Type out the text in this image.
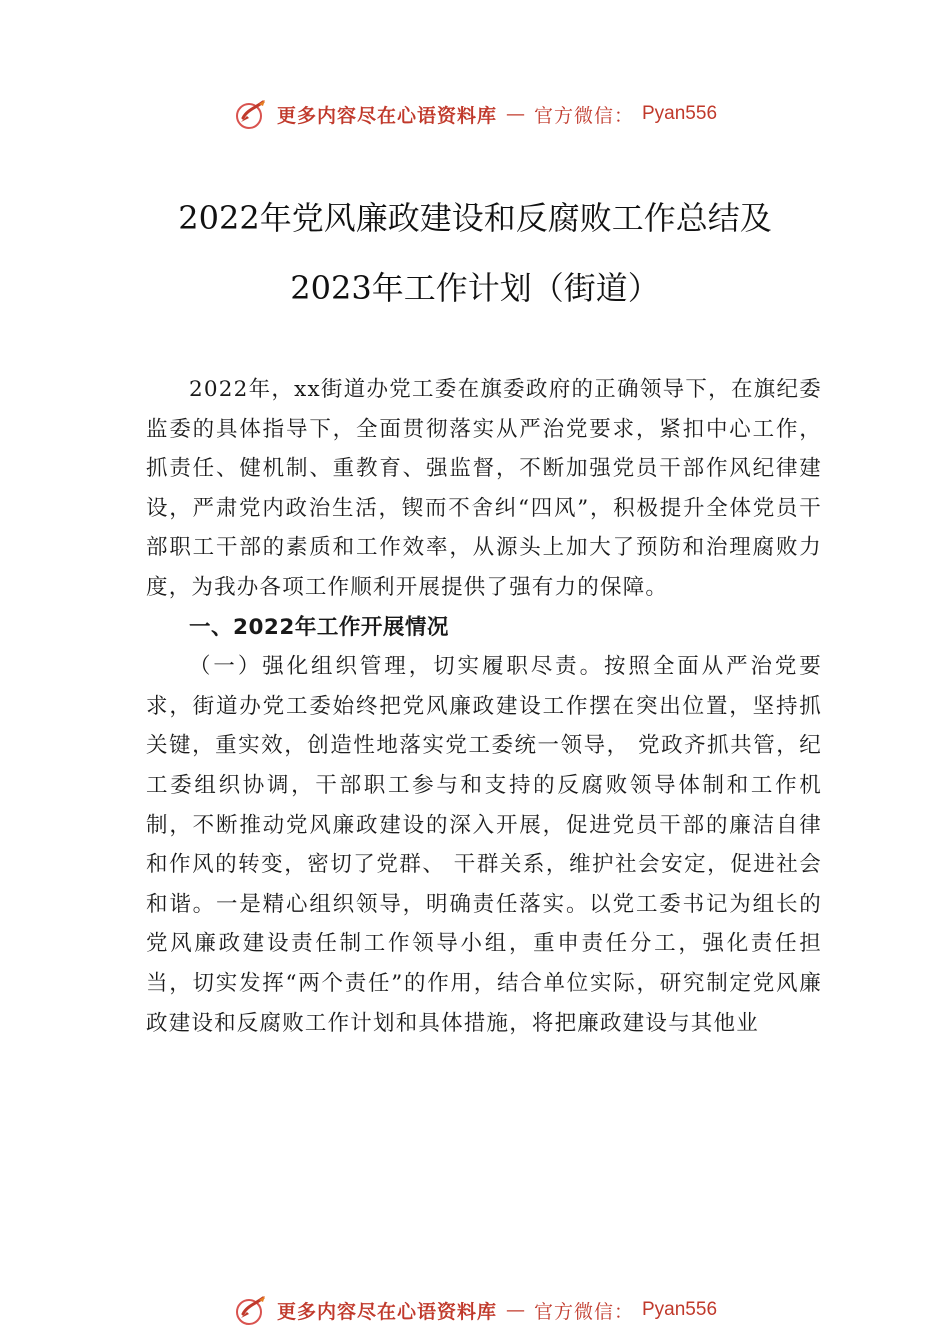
更多内容尽在心语资料库 — 官方微信： Pyan556
2022年党风廉政建设和反腐败工作总结及
2023年工作计划（街道）

2022年，xx街道办党工委在旗委政府的正确领导下，在旗纪委监委的具体指导下，全面贯彻落实从严治党要求，紧扣中心工作，抓责任、健机制、重教育、强监督，不断加强党员干部作风纪律建设，严肃党内政治生活，锲而不舍纠“四风”，积极提升全体党员干部职工干部的素质和工作效率，从源头上加大了预防和治理腐败力度，为我办各项工作顺利开展提供了强有力的保障。

一、2022年工作开展情况

（一）强化组织管理，切实履职尽责。按照全面从严治党要求，街道办党工委始终把党风廉政建设工作摆在突出位置，坚持抓关键，重实效，创造性地落实党工委统一领导， 党政齐抓共管，纪工委组织协调，干部职工参与和支持的反腐败领导体制和工作机制，不断推动党风廉政建设的深入开展，促进党员干部的廉洁自律和作风的转变，密切了党群、 干群关系，维护社会安定，促进社会和谐。一是精心组织领导，明确责任落实。以党工委书记为组长的党风廉政建设责任制工作领导小组，重申责任分工，强化责任担当，切实发挥“两个责任”的作用，结合单位实际，研究制定党风廉政建设和反腐败工作计划和具体措施，将把廉政建设与其他业

更多内容尽在心语资料库 — 官方微信： Pyan556
